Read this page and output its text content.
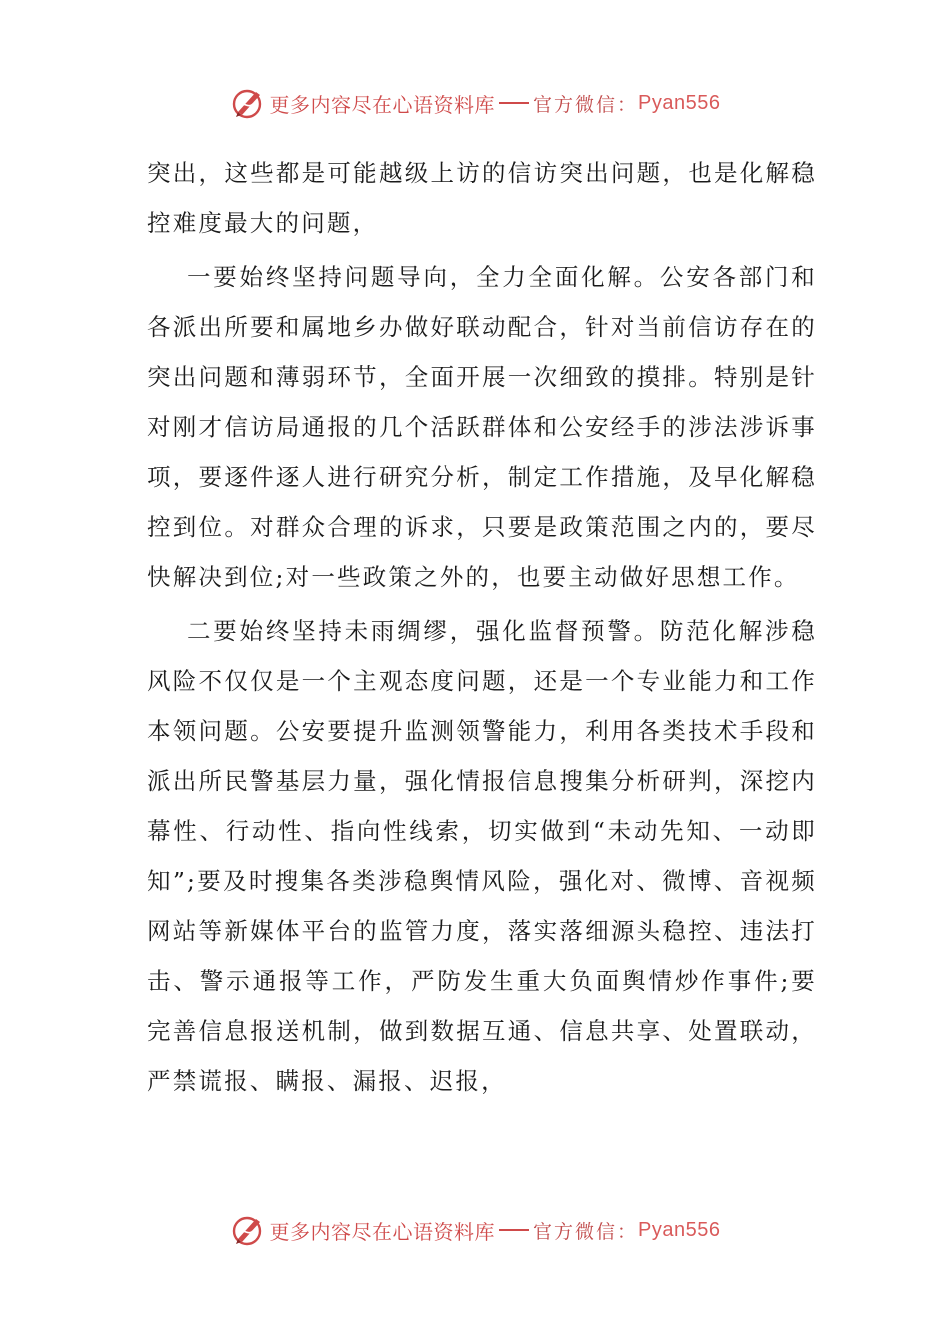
更多内容尽在心语资料库 官方微信： Pyan556

突出，这些都是可能越级上访的信访突出问题，也是化解稳控难度最大的问题，

一要始终坚持问题导向，全力全面化解。公安各部门和各派出所要和属地乡办做好联动配合，针对当前信访存在的突出问题和薄弱环节，全面开展一次细致的摸排。特别是针对刚才信访局通报的几个活跃群体和公安经手的涉法涉诉事项，要逐件逐人进行研究分析，制定工作措施，及早化解稳控到位。对群众合理的诉求，只要是政策范围之内的，要尽快解决到位;对一些政策之外的，也要主动做好思想工作。

二要始终坚持未雨绸缪，强化监督预警。防范化解涉稳风险不仅仅是一个主观态度问题，还是一个专业能力和工作本领问题。公安要提升监测领警能力，利用各类技术手段和派出所民警基层力量，强化情报信息搜集分析研判，深挖内幕性、行动性、指向性线索，切实做到“未动先知、一动即知”;要及时搜集各类涉稳舆情风险，强化对、微博、音视频网站等新媒体平台的监管力度，落实落细源头稳控、违法打击、警示通报等工作，严防发生重大负面舆情炒作事件;要完善信息报送机制，做到数据互通、信息共享、处置联动，严禁谎报、瞒报、漏报、迟报，

更多内容尽在心语资料库 官方微信： Pyan556
